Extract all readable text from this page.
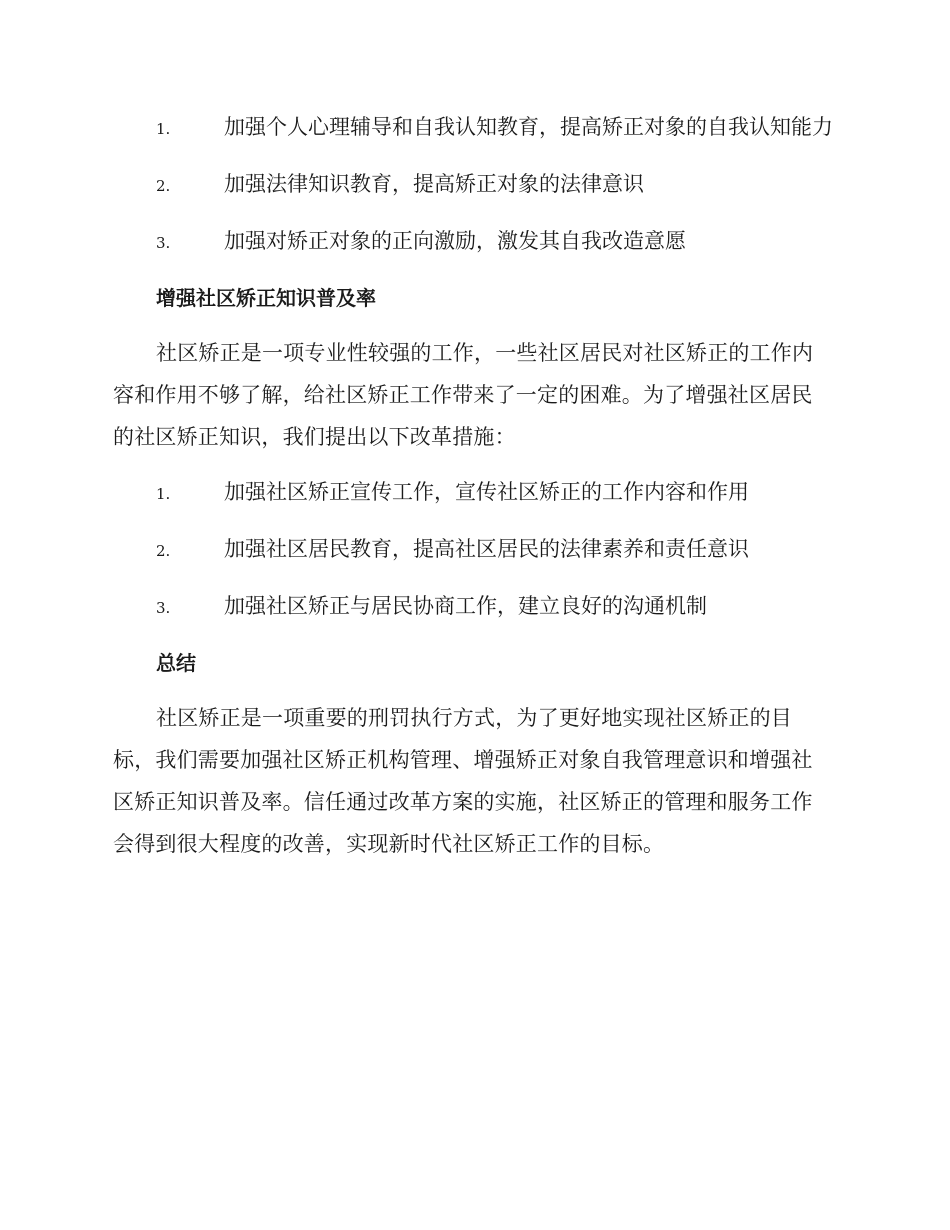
1.	加强个人心理辅导和自我认知教育，提高矫正对象的自我认知能力
2.	加强法律知识教育，提高矫正对象的法律意识
3.	加强对矫正对象的正向激励，激发其自我改造意愿
增强社区矫正知识普及率
社区矫正是一项专业性较强的工作，一些社区居民对社区矫正的工作内容和作用不够了解，给社区矫正工作带来了一定的困难。为了增强社区居民的社区矫正知识，我们提出以下改革措施：
1.	加强社区矫正宣传工作，宣传社区矫正的工作内容和作用
2.	加强社区居民教育，提高社区居民的法律素养和责任意识
3.	加强社区矫正与居民协商工作，建立良好的沟通机制
总结
社区矫正是一项重要的刑罚执行方式，为了更好地实现社区矫正的目标，我们需要加强社区矫正机构管理、增强矫正对象自我管理意识和增强社区矫正知识普及率。信任通过改革方案的实施，社区矫正的管理和服务工作会得到很大程度的改善，实现新时代社区矫正工作的目标。
